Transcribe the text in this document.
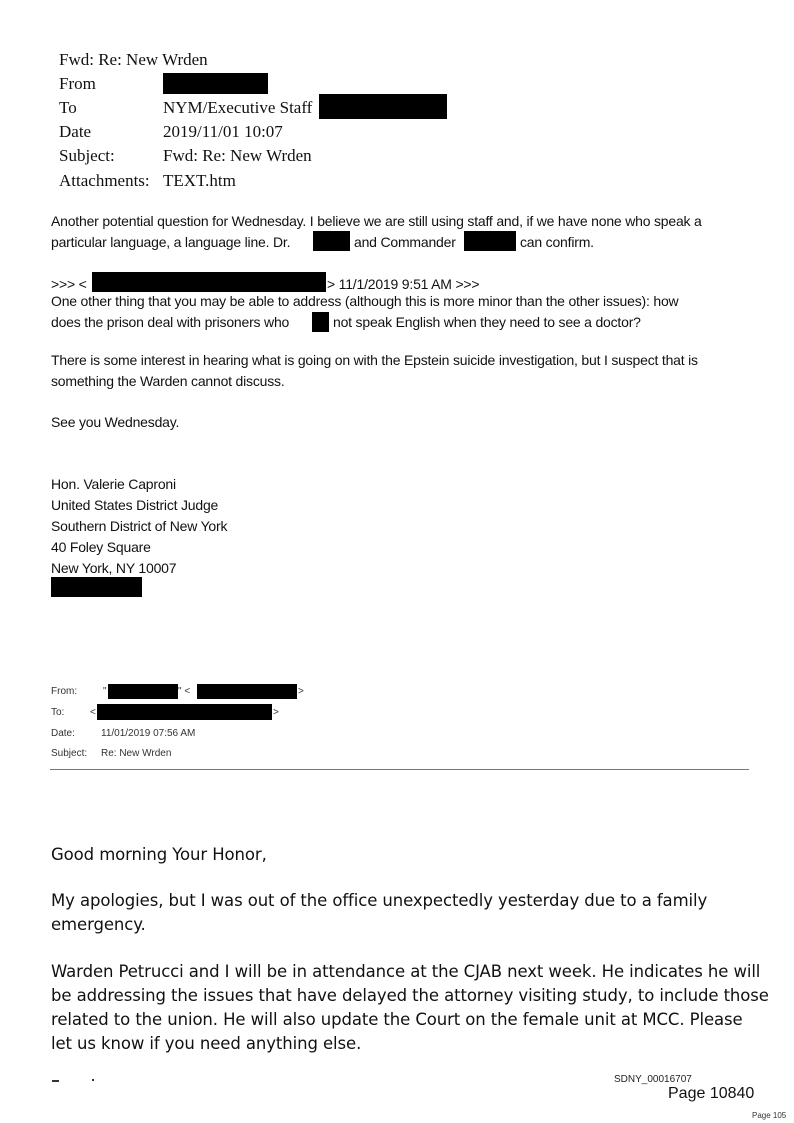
Fwd: Re: New Wrden
From
To	NYM/Executive Staff
Date	2019/11/01 10:07
Subject:	Fwd: Re: New Wrden
Attachments: TEXT.htm
Another potential question for Wednesday. I believe we are still using staff and, if we have none who speak a
particular language, a language line. Dr.	and Commander	can confirm.
>>> <	> 11/1/2019 9:51 AM >>>
One other thing that you may be able to address (although this is more minor than the other issues): how
does the prison deal with prisoners who	not speak English when they need to see a doctor?
There is some interest in hearing what is going on with the Epstein suicide investigation, but I suspect that is
something the Warden cannot discuss.
See you Wednesday.
Hon. Valerie Caproni
United States District Judge
Southern District of New York
40 Foley Square
New York, NY 10007
From:	"	" <	>
To:	<	>
Date:	11/01/2019 07:56 AM
Subject: Re: New Wrden
Good morning Your Honor,
My apologies, but I was out of the office unexpectedly yesterday due to a family
emergency.
Warden Petrucci and I will be in attendance at the CJAB next week. He indicates he will
be addressing the issues that have delayed the attorney visiting study, to include those
related to the union. He will also update the Court on the female unit at MCC. Please
let us know if you need anything else.
SDNY_00016707
Page 10840
Page 105
